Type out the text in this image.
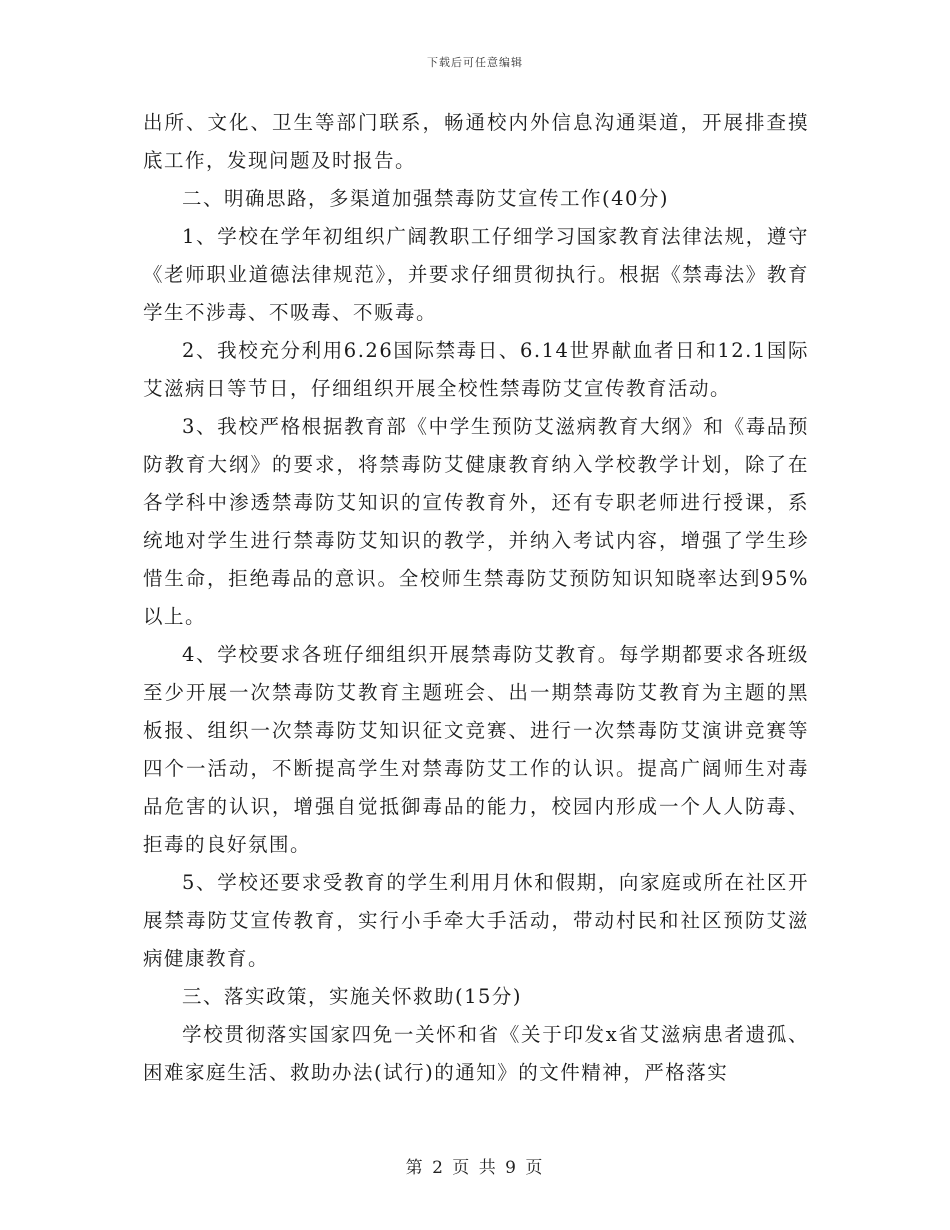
下载后可任意编辑

出所、文化、卫生等部门联系，畅通校内外信息沟通渠道，开展排查摸底工作，发现问题及时报告。

二、明确思路，多渠道加强禁毒防艾宣传工作(40分)

1、学校在学年初组织广阔教职工仔细学习国家教育法律法规，遵守《老师职业道德法律规范》，并要求仔细贯彻执行。根据《禁毒法》教育学生不涉毒、不吸毒、不贩毒。

2、我校充分利用6.26国际禁毒日、6.14世界献血者日和12.1国际艾滋病日等节日，仔细组织开展全校性禁毒防艾宣传教育活动。

3、我校严格根据教育部《中学生预防艾滋病教育大纲》和《毒品预防教育大纲》的要求，将禁毒防艾健康教育纳入学校教学计划，除了在各学科中渗透禁毒防艾知识的宣传教育外，还有专职老师进行授课，系统地对学生进行禁毒防艾知识的教学，并纳入考试内容，增强了学生珍惜生命，拒绝毒品的意识。全校师生禁毒防艾预防知识知晓率达到95%以上。

4、学校要求各班仔细组织开展禁毒防艾教育。每学期都要求各班级至少开展一次禁毒防艾教育主题班会、出一期禁毒防艾教育为主题的黑板报、组织一次禁毒防艾知识征文竞赛、进行一次禁毒防艾演讲竞赛等四个一活动，不断提高学生对禁毒防艾工作的认识。提高广阔师生对毒品危害的认识，增强自觉抵御毒品的能力，校园内形成一个人人防毒、拒毒的良好氛围。

5、学校还要求受教育的学生利用月休和假期，向家庭或所在社区开展禁毒防艾宣传教育，实行小手牵大手活动，带动村民和社区预防艾滋病健康教育。

三、落实政策，实施关怀救助(15分)

学校贯彻落实国家四免一关怀和省《关于印发x省艾滋病患者遗孤、困难家庭生活、救助办法(试行)的通知》的文件精神，严格落实

第 2 页 共 9 页
